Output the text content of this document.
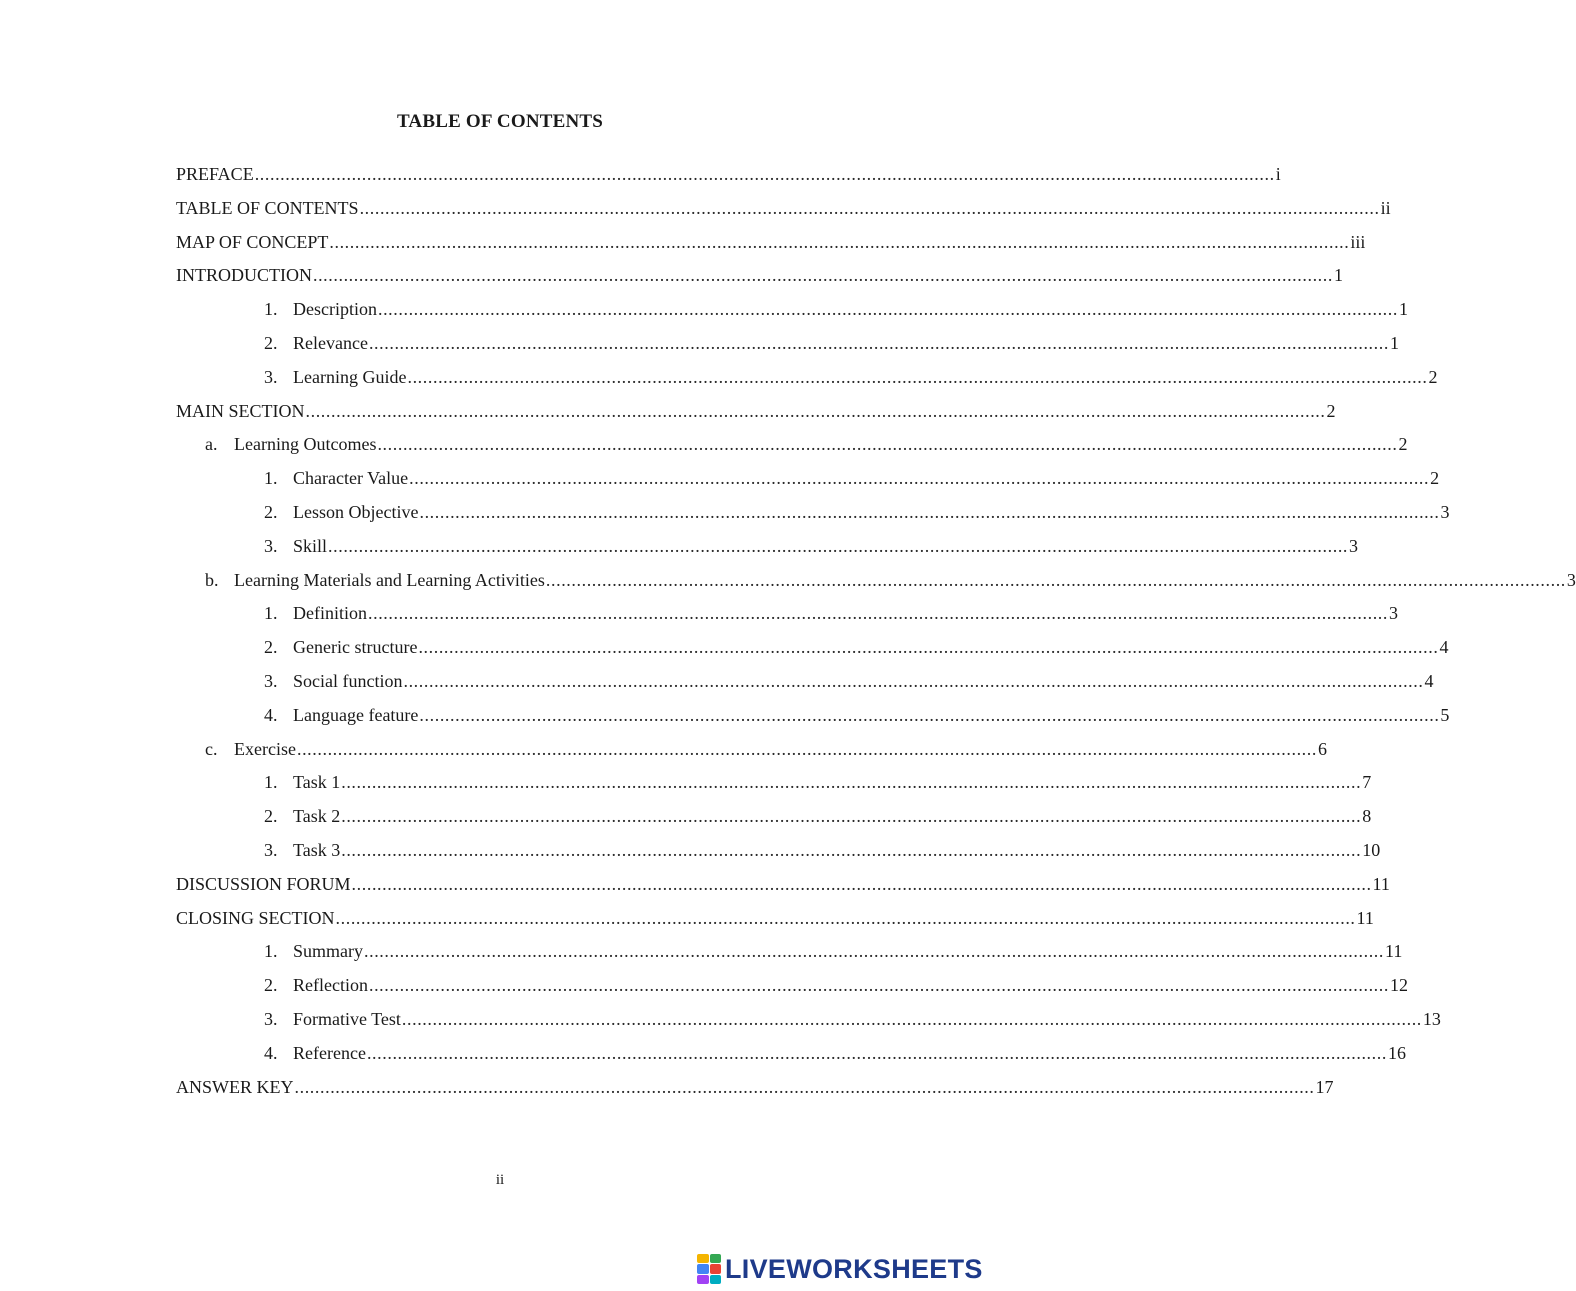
TABLE OF CONTENTS
PREFACE ........................................................................................................................................................................................................ i
TABLE OF CONTENTS ........................................................................................................................................................................................................ ii
MAP OF CONCEPT ........................................................................................................................................................................................................ iii
INTRODUCTION ........................................................................................................................................................................................................ 1
1. Description ........................................................................................................................................................................................................ 1
2. Relevance ........................................................................................................................................................................................................ 1
3. Learning Guide ........................................................................................................................................................................................................ 2
MAIN SECTION ........................................................................................................................................................................................................ 2
a. Learning Outcomes ........................................................................................................................................................................................................ 2
1. Character Value ........................................................................................................................................................................................................ 2
2. Lesson Objective ........................................................................................................................................................................................................ 3
3. Skill ........................................................................................................................................................................................................ 3
b. Learning Materials and Learning Activities ........................................................................................................................................................................................................ 3
1. Definition ........................................................................................................................................................................................................ 3
2. Generic structure ........................................................................................................................................................................................................ 4
3. Social function ........................................................................................................................................................................................................ 4
4. Language feature ........................................................................................................................................................................................................ 5
c. Exercise ........................................................................................................................................................................................................ 6
1. Task 1 ........................................................................................................................................................................................................ 7
2. Task 2 ........................................................................................................................................................................................................ 8
3. Task 3 ........................................................................................................................................................................................................ 10
DISCUSSION FORUM ........................................................................................................................................................................................................ 11
CLOSING SECTION ........................................................................................................................................................................................................ 11
1. Summary ........................................................................................................................................................................................................ 11
2. Reflection ........................................................................................................................................................................................................ 12
3. Formative Test ........................................................................................................................................................................................................ 13
4. Reference ........................................................................................................................................................................................................ 16
ANSWER KEY ........................................................................................................................................................................................................ 17
ii
LIVEWORKSHEETS
